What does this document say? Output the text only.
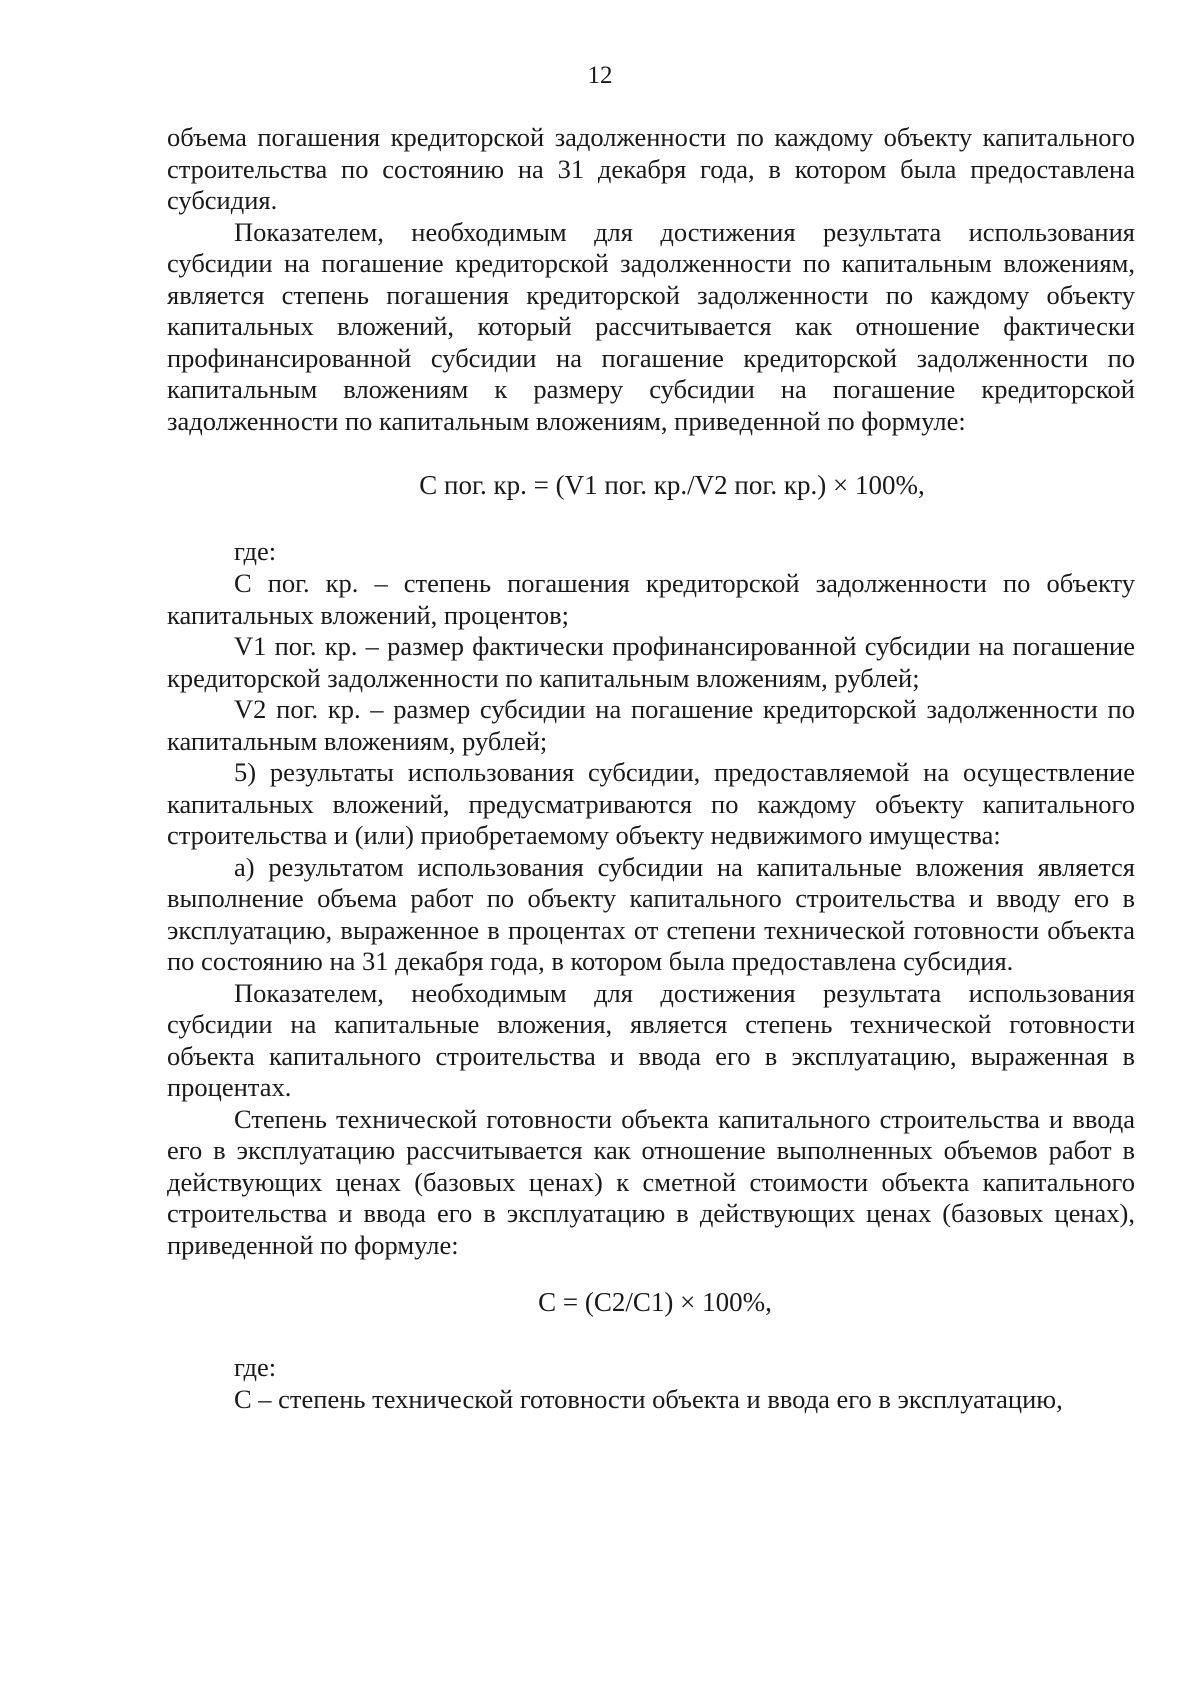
12

объема погашения кредиторской задолженности по каждому объекту капитального строительства по состоянию на 31 декабря года, в котором была предоставлена субсидия.

Показателем, необходимым для достижения результата использования субсидии на погашение кредиторской задолженности по капитальным вложениям, является степень погашения кредиторской задолженности по каждому объекту капитальных вложений, который рассчитывается как отношение фактически профинансированной субсидии на погашение кредиторской задолженности по капитальным вложениям к размеру субсидии на погашение кредиторской задолженности по капитальным вложениям, приведенной по формуле:

С пог. кр. = (V1 пог. кр./V2 пог. кр.) × 100%,

где:

С пог. кр. – степень погашения кредиторской задолженности по объекту капитальных вложений, процентов;

V1 пог. кр. – размер фактически профинансированной субсидии на погашение кредиторской задолженности по капитальным вложениям, рублей;

V2 пог. кр. – размер субсидии на погашение кредиторской задолженности по капитальным вложениям, рублей;

5) результаты использования субсидии, предоставляемой на осуществление капитальных вложений, предусматриваются по каждому объекту капитального строительства и (или) приобретаемому объекту недвижимого имущества:

а) результатом использования субсидии на капитальные вложения является выполнение объема работ по объекту капитального строительства и вводу его в эксплуатацию, выраженное в процентах от степени технической готовности объекта по состоянию на 31 декабря года, в котором была предоставлена субсидия.

Показателем, необходимым для достижения результата использования субсидии на капитальные вложения, является степень технической готовности объекта капитального строительства и ввода его в эксплуатацию, выраженная в процентах.

Степень технической готовности объекта капитального строительства и ввода его в эксплуатацию рассчитывается как отношение выполненных объемов работ в действующих ценах (базовых ценах) к сметной стоимости объекта капитального строительства и ввода его в эксплуатацию в действующих ценах (базовых ценах), приведенной по формуле:

С = (С2/С1) × 100%,

где:

С – степень технической готовности объекта и ввода его в эксплуатацию,
